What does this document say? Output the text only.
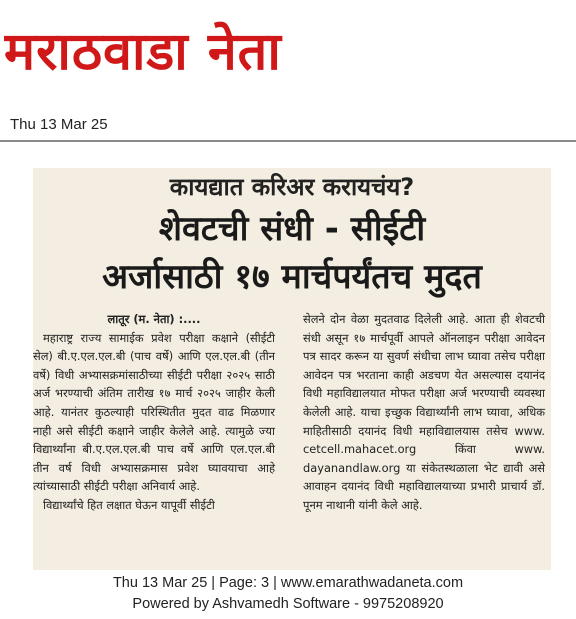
मराठवाडा नेता
Thu 13 Mar 25
कायद्यात करिअर करायचंय?
शेवटची संधी - सीईटी
अर्जासाठी १७ मार्चपर्यंतच मुदत

लातूर (म. नेता) :....

महाराष्ट्र राज्य सामाईक प्रवेश परीक्षा कक्षाने (सीईटी सेल) बी.ए.एल.एल.बी (पाच वर्षे) आणि एल.एल.बी (तीन वर्षे) विधी अभ्यासक्रमांसाठीच्या सीईटी परीक्षा २०२५ साठी अर्ज भरण्याची अंतिम तारीख १७ मार्च २०२५ जाहीर केली आहे. यानंतर कुठल्याही परिस्थितीत मुदत वाढ मिळणार नाही असे सीईटी कक्षाने जाहीर केलेले आहे. त्यामुळे ज्या विद्यार्थ्यांना बी.ए.एल.एल.बी पाच वर्षे आणि एल.एल.बी तीन वर्ष विधी अभ्यासक्रमास प्रवेश घ्यावयाचा आहे त्यांच्यासाठी सीईटी परीक्षा अनिवार्य आहे.

विद्यार्थ्यांचे हित लक्षात घेऊन यापूर्वी सीईटी

सेलने दोन वेळा मुदतवाढ दिलेली आहे. आता ही शेवटची संधी असून १७ मार्चपूर्वी आपले ऑनलाइन परीक्षा आवेदन पत्र सादर करून या सुवर्ण संधीचा लाभ घ्यावा तसेच परीक्षा आवेदन पत्र भरताना काही अडचण येत असल्यास दयानंद विधी महाविद्यालयात मोफत परीक्षा अर्ज भरण्याची व्यवस्था केलेली आहे. याचा इच्छुक विद्यार्थ्यांनी लाभ घ्यावा, अधिक माहितीसाठी दयानंद विधी महाविद्यालयास तसेच www. cetcell.mahacet.org किंवा www. dayanandlaw.org या संकेतस्थळाला भेट द्यावी असे आवाहन दयानंद विधी महाविद्यालयाच्या प्रभारी प्राचार्य डॉ. पूनम नाथानी यांनी केले आहे.

Thu 13 Mar 25 | Page: 3 | www.emarathwadaneta.com
Powered by Ashvamedh Software - 9975208920
